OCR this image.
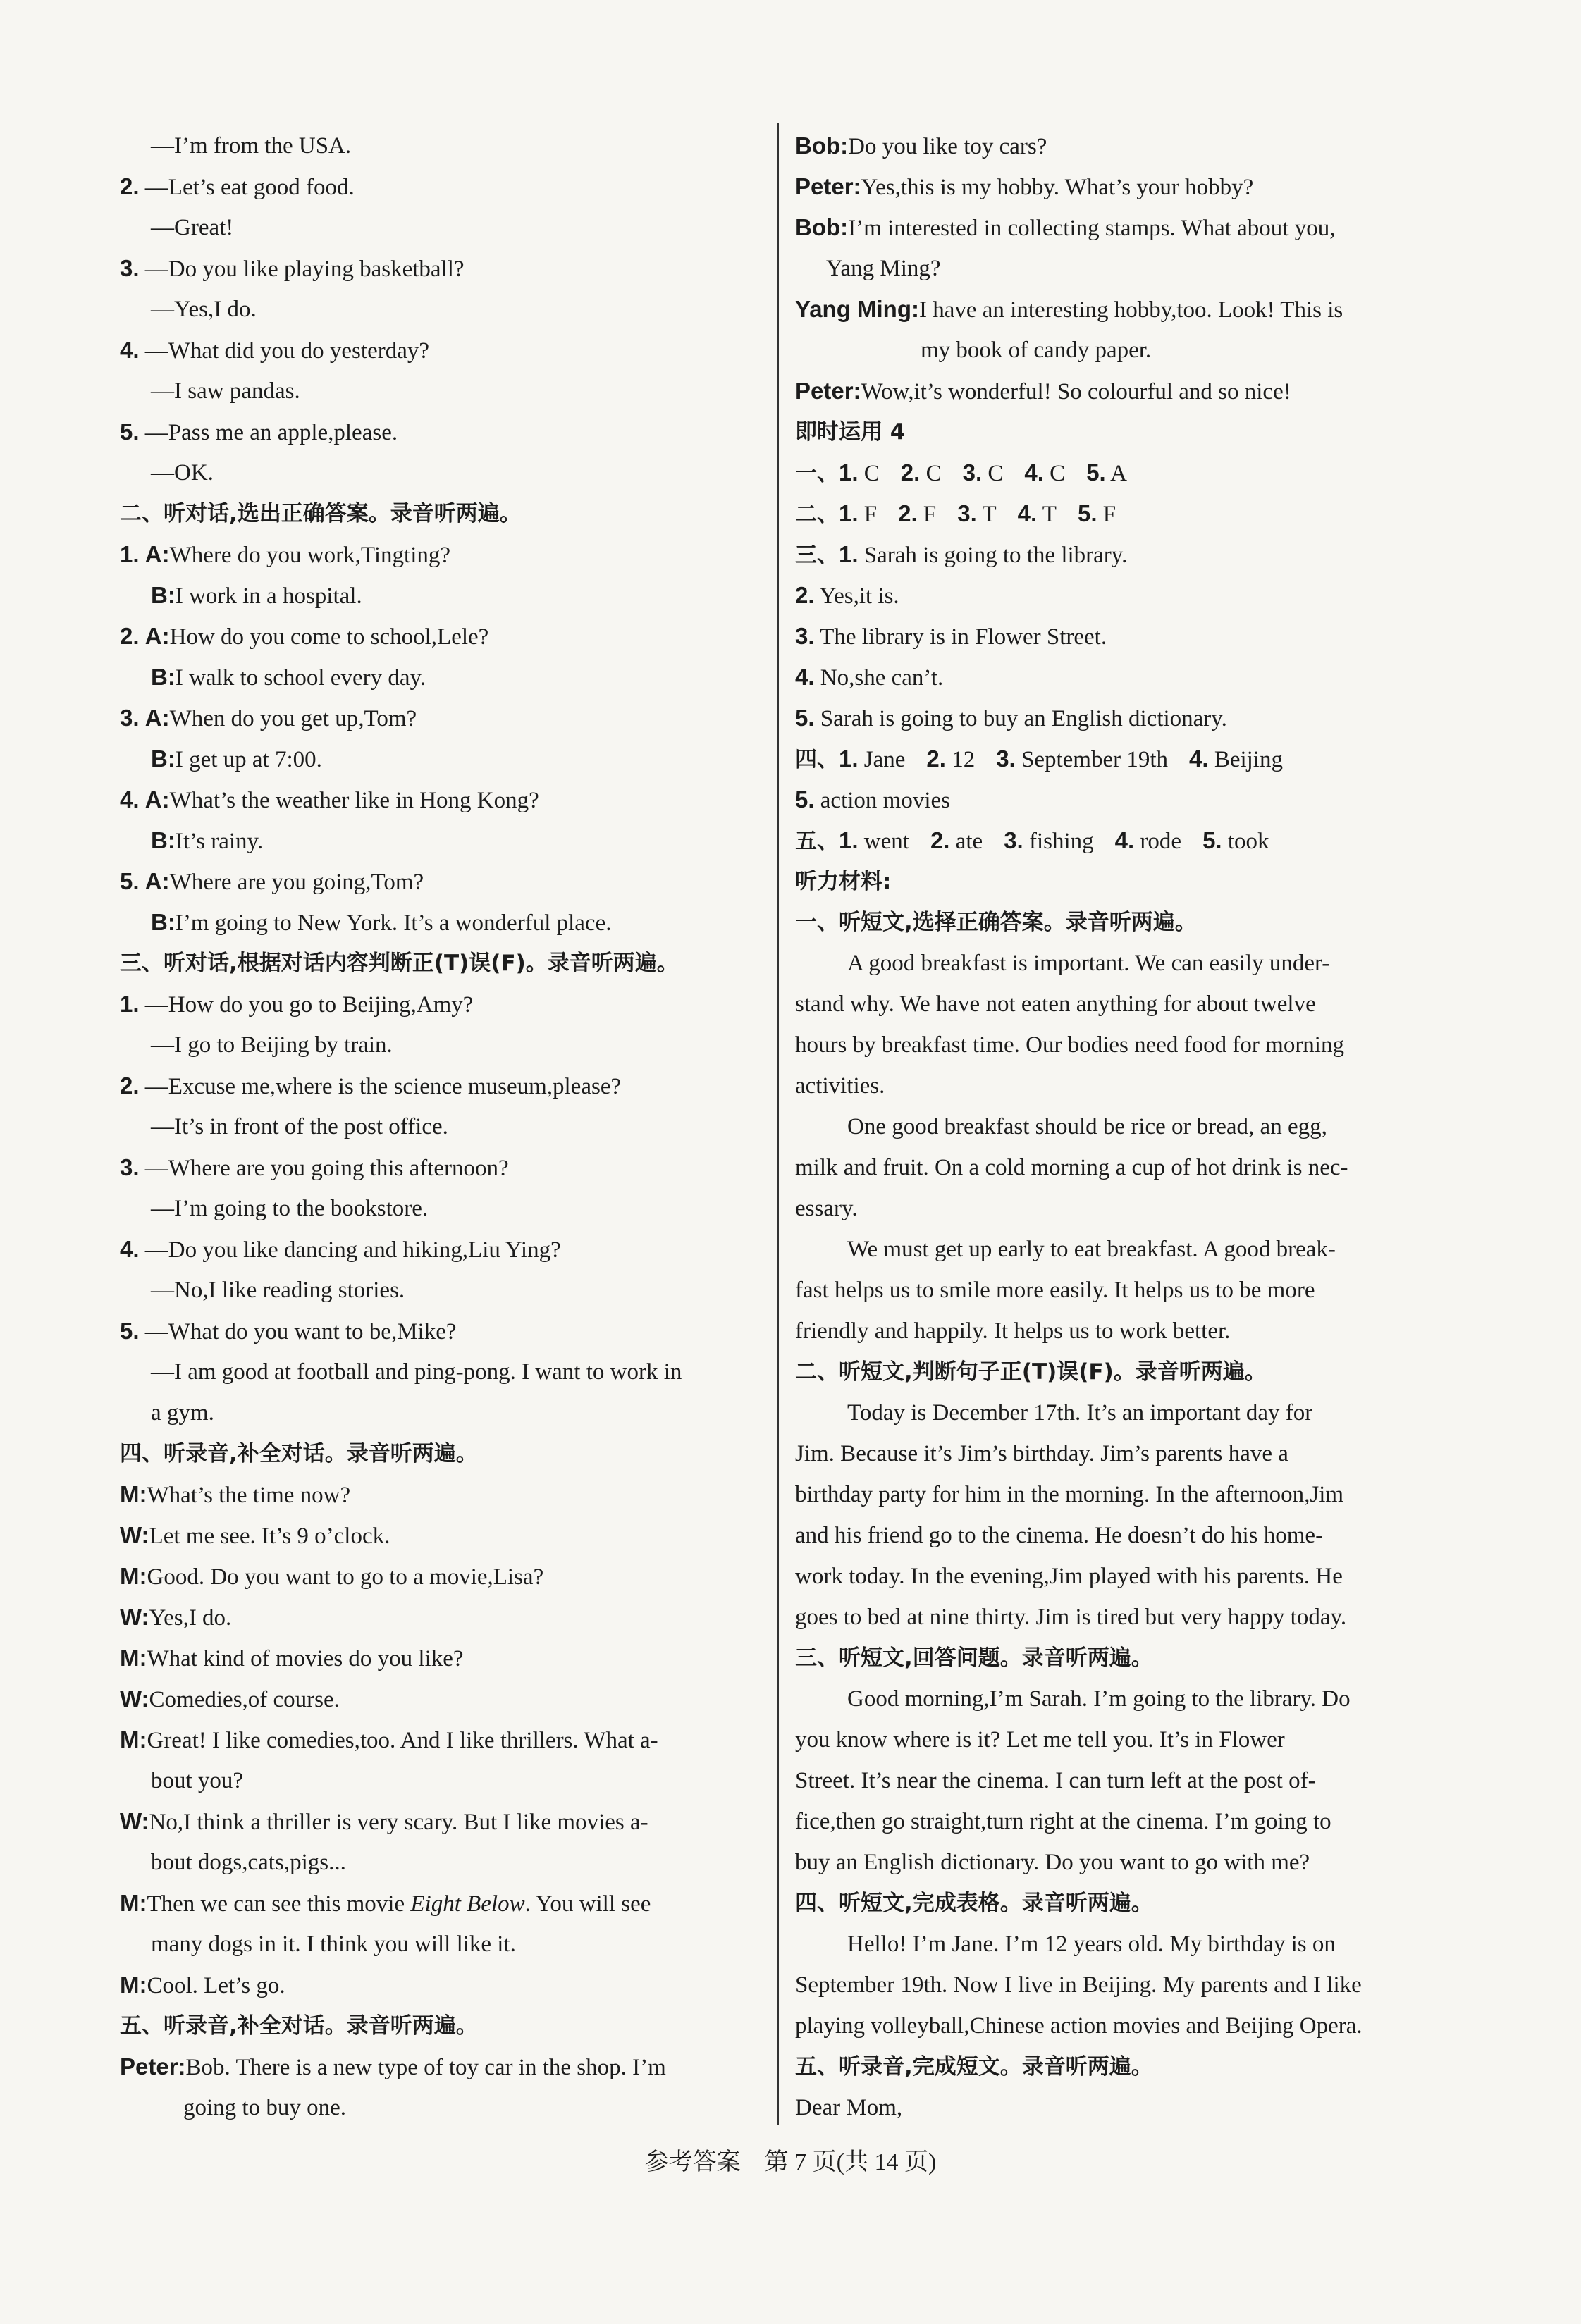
—I’m from the USA.
2. —Let’s eat good food.
—Great!
3. —Do you like playing basketball?
—Yes,I do.
4. —What did you do yesterday?
—I saw pandas.
5. —Pass me an apple,please.
—OK.
二、听对话,选出正确答案。录音听两遍。
1. A:Where do you work,Tingting?
B:I work in a hospital.
2. A:How do you come to school,Lele?
B:I walk to school every day.
3. A:When do you get up,Tom?
B:I get up at 7:00.
4. A:What’s the weather like in Hong Kong?
B:It’s rainy.
5. A:Where are you going,Tom?
B:I’m going to New York. It’s a wonderful place.
三、听对话,根据对话内容判断正(T)误(F)。录音听两遍。
1. —How do you go to Beijing,Amy?
—I go to Beijing by train.
2. —Excuse me,where is the science museum,please?
—It’s in front of the post office.
3. —Where are you going this afternoon?
—I’m going to the bookstore.
4. —Do you like dancing and hiking,Liu Ying?
—No,I like reading stories.
5. —What do you want to be,Mike?
—I am good at football and ping-pong. I want to work in
a gym.
四、听录音,补全对话。录音听两遍。
M:What’s the time now?
W:Let me see. It’s 9 o’clock.
M:Good. Do you want to go to a movie,Lisa?
W:Yes,I do.
M:What kind of movies do you like?
W:Comedies,of course.
M:Great! I like comedies,too. And I like thrillers. What a-
bout you?
W:No,I think a thriller is very scary. But I like movies a-
bout dogs,cats,pigs...
M:Then we can see this movie Eight Below. You will see
many dogs in it. I think you will like it.
M:Cool. Let’s go.
五、听录音,补全对话。录音听两遍。
Peter:Bob. There is a new type of toy car in the shop. I’m
going to buy one.
Bob:Do you like toy cars?
Peter:Yes,this is my hobby. What’s your hobby?
Bob:I’m interested in collecting stamps. What about you,
Yang Ming?
Yang Ming:I have an interesting hobby,too. Look! This is
my book of candy paper.
Peter:Wow,it’s wonderful! So colourful and so nice!
即时运用 4
一、1. C 2. C 3. C 4. C 5. A
二、1. F 2. F 3. T 4. T 5. F
三、1. Sarah is going to the library.
2. Yes,it is.
3. The library is in Flower Street.
4. No,she can’t.
5. Sarah is going to buy an English dictionary.
四、1. Jane 2. 12 3. September 19th 4. Beijing
5. action movies
五、1. went 2. ate 3. fishing 4. rode 5. took
听力材料:
一、听短文,选择正确答案。录音听两遍。
A good breakfast is important. We can easily under-
stand why. We have not eaten anything for about twelve
hours by breakfast time. Our bodies need food for morning
activities.
One good breakfast should be rice or bread, an egg,
milk and fruit. On a cold morning a cup of hot drink is nec-
essary.
We must get up early to eat breakfast. A good break-
fast helps us to smile more easily. It helps us to be more
friendly and happily. It helps us to work better.
二、听短文,判断句子正(T)误(F)。录音听两遍。
Today is December 17th. It’s an important day for
Jim. Because it’s Jim’s birthday. Jim’s parents have a
birthday party for him in the morning. In the afternoon,Jim
and his friend go to the cinema. He doesn’t do his home-
work today. In the evening,Jim played with his parents. He
goes to bed at nine thirty. Jim is tired but very happy today.
三、听短文,回答问题。录音听两遍。
Good morning,I’m Sarah. I’m going to the library. Do
you know where is it? Let me tell you. It’s in Flower
Street. It’s near the cinema. I can turn left at the post of-
fice,then go straight,turn right at the cinema. I’m going to
buy an English dictionary. Do you want to go with me?
四、听短文,完成表格。录音听两遍。
Hello! I’m Jane. I’m 12 years old. My birthday is on
September 19th. Now I live in Beijing. My parents and I like
playing volleyball,Chinese action movies and Beijing Opera.
五、听录音,完成短文。录音听两遍。
Dear Mom,
参考答案　第 7 页(共 14 页)
